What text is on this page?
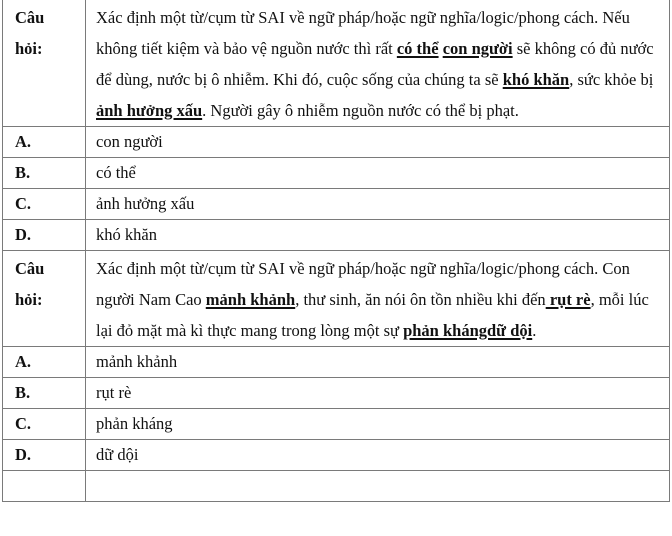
Câu hỏi:	Xác định một từ/cụm từ SAI về ngữ pháp/hoặc ngữ nghĩa/logic/phong cách. Nếu không tiết kiệm và bảo vệ nguồn nước thì rất có thể con người sẽ không có đủ nước để dùng, nước bị ô nhiễm. Khi đó, cuộc sống của chúng ta sẽ khó khăn, sức khỏe bị ảnh hưởng xấu. Người gây ô nhiễm nguồn nước có thể bị phạt.
A.	con người
B.	có thể
C.	ảnh hưởng xấu
D.	khó khăn

Câu hỏi:	Xác định một từ/cụm từ SAI về ngữ pháp/hoặc ngữ nghĩa/logic/phong cách. Con người Nam Cao mảnh khảnh, thư sinh, ăn nói ôn tồn nhiều khi đến rụt rè, mỗi lúc lại đỏ mặt mà kì thực mang trong lòng một sự phản khángdữ dội.
A.	mảnh khảnh
B.	rụt rè
C.	phản kháng
D.	dữ dội
